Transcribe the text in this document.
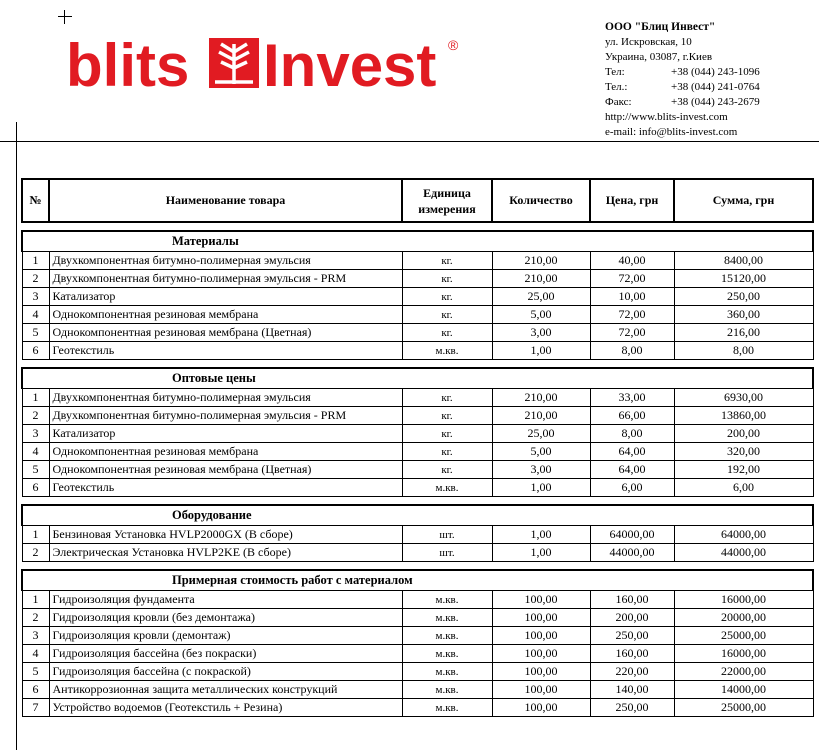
blits Invest ®
ООО "Блиц Инвест"
ул. Искровская, 10
Украина, 03087, г.Киев
Тел:	+38 (044) 243-1096
Тел.:	+38 (044) 241-0764
Факс:	+38 (044) 243-2679
http://www.blits-invest.com
e-mail: info@blits-invest.com
№	Наименование товара	Единица измерения	Количество	Цена, грн	Сумма, грн

Материалы					
1	Двухкомпонентная битумно-полимерная эмульсия	кг.	210,00	40,00	8400,00
2	Двухкомпонентная битумно-полимерная эмульсия - PRM	кг.	210,00	72,00	15120,00
3	Катализатор	кг.	25,00	10,00	250,00
4	Однокомпонентная резиновая мембрана	кг.	5,00	72,00	360,00
5	Однокомпонентная резиновая мембрана (Цветная)	кг.	3,00	72,00	216,00
6	Геотекстиль	м.кв.	1,00	8,00	8,00

Оптовые цены					
1	Двухкомпонентная битумно-полимерная эмульсия	кг.	210,00	33,00	6930,00
2	Двухкомпонентная битумно-полимерная эмульсия - PRM	кг.	210,00	66,00	13860,00
3	Катализатор	кг.	25,00	8,00	200,00
4	Однокомпонентная резиновая мембрана	кг.	5,00	64,00	320,00
5	Однокомпонентная резиновая мембрана (Цветная)	кг.	3,00	64,00	192,00
6	Геотекстиль	м.кв.	1,00	6,00	6,00

Оборудование					
1	Бензиновая Установка HVLP2000GX (В сборе)	шт.	1,00	64000,00	64000,00
2	Электрическая Установка HVLP2KE (В сборе)	шт.	1,00	44000,00	44000,00

Примерная стоимость работ с материалом					
1	Гидроизоляция фундамента	м.кв.	100,00	160,00	16000,00
2	Гидроизоляция кровли (без демонтажа)	м.кв.	100,00	200,00	20000,00
3	Гидроизоляция кровли (демонтаж)	м.кв.	100,00	250,00	25000,00
4	Гидроизоляция бассейна (без покраски)	м.кв.	100,00	160,00	16000,00
5	Гидроизоляция бассейна (с покраской)	м.кв.	100,00	220,00	22000,00
6	Антикоррозионная защита металлических конструкций	м.кв.	100,00	140,00	14000,00
7	Устройство водоемов (Геотекстиль + Резина)	м.кв.	100,00	250,00	25000,00
